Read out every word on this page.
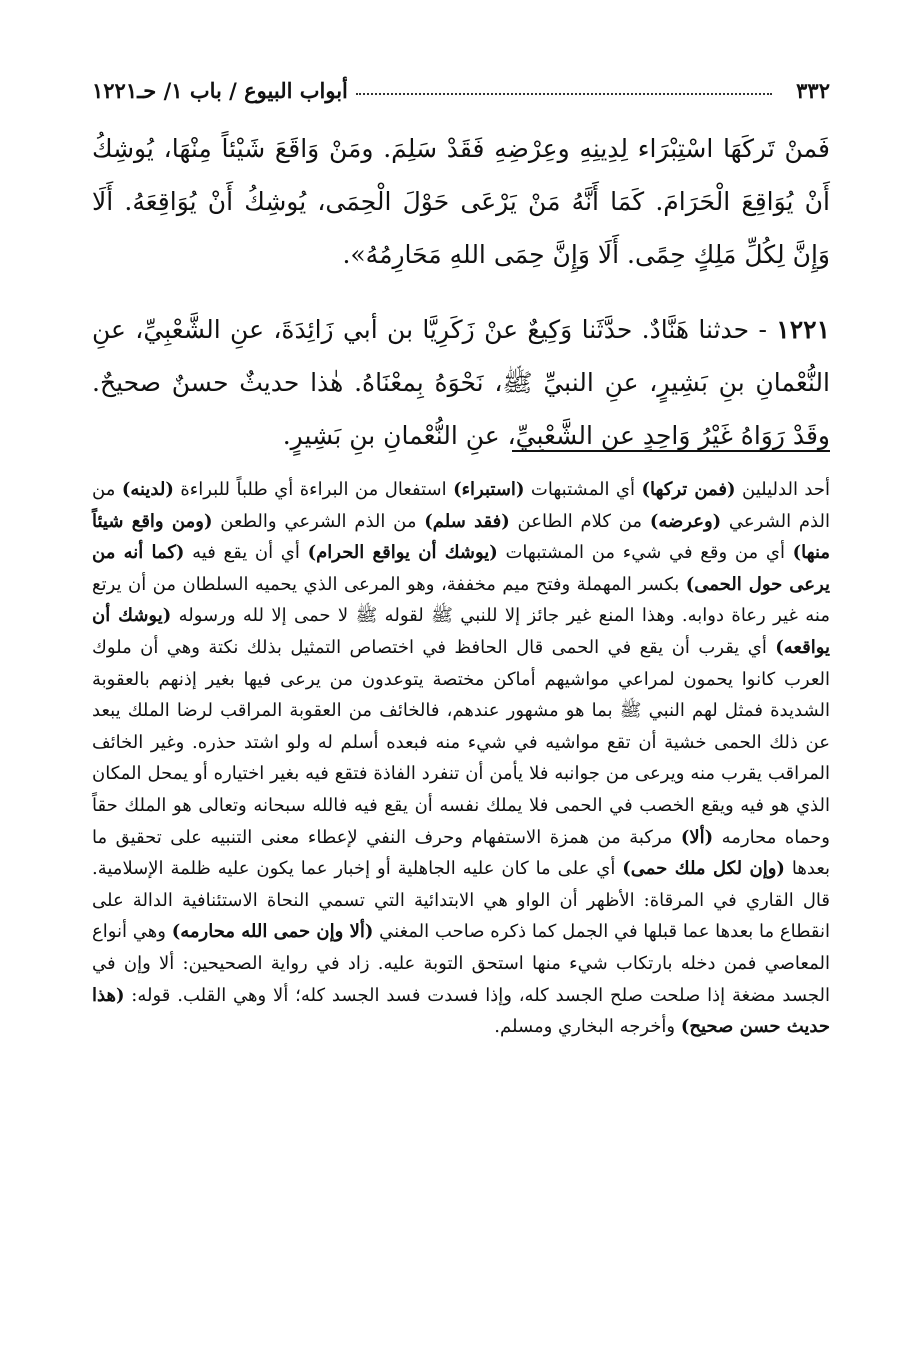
٣٣٢
أبواب البيوع / باب ١/ حـ١٢٢١

فَمنْ تَركَهَا اسْتِبْرَاء لِدِينِهِ وعِرْضِهِ فَقَدْ سَلِمَ. ومَنْ وَاقَعَ شَيْئاً مِنْهَا، يُوشِكُ أَنْ يُوَاقِعَ الْحَرَامَ. كَمَا أَنَّهُ مَنْ يَرْعَى حَوْلَ الْحِمَى، يُوشِكُ أَنْ يُوَاقِعَهُ. أَلَا وَإِنَّ لِكُلِّ مَلِكٍ حِمًى. أَلَا وَإِنَّ حِمَى اللهِ مَحَارِمُهُ».

١٢٢١ - حدثنا هَنَّادٌ. حدَّثَنا وَكِيعٌ عنْ زَكَرِيَّا بن أبي زَائِدَةَ، عنِ الشَّعْبِيِّ، عنِ النُّعْمانِ بنِ بَشِيرٍ، عنِ النبيِّ ﷺ، نَحْوَهُ بِمعْنَاهُ. هٰذا حديثٌ حسنٌ صحيحٌ. وقَدْ رَوَاهُ غَيْرُ وَاحِدٍ عن الشَّعْبِيِّ، عنِ النُّعْمانِ بنِ بَشِيرٍ.

أحد الدليلين (فمن تركها) أي المشتبهات (استبراء) استفعال من البراءة أي طلباً للبراءة (لدينه) من الذم الشرعي (وعرضه) من كلام الطاعن (فقد سلم) من الذم الشرعي والطعن (ومن واقع شيئاً منها) أي من وقع في شيء من المشتبهات (يوشك أن يواقع الحرام) أي أن يقع فيه (كما أنه من يرعى حول الحمى) بكسر المهملة وفتح ميم مخففة، وهو المرعى الذي يحميه السلطان من أن يرتع منه غير رعاة دوابه. وهذا المنع غير جائز إلا للنبي ﷺ لقوله ﷺ لا حمى إلا لله ورسوله (يوشك أن يواقعه) أي يقرب أن يقع في الحمى قال الحافظ في اختصاص التمثيل بذلك نكتة وهي أن ملوك العرب كانوا يحمون لمراعي مواشيهم أماكن مختصة يتوعدون من يرعى فيها بغير إذنهم بالعقوبة الشديدة فمثل لهم النبي ﷺ بما هو مشهور عندهم، فالخائف من العقوبة المراقب لرضا الملك يبعد عن ذلك الحمى خشية أن تقع مواشيه في شيء منه فبعده أسلم له ولو اشتد حذره. وغير الخائف المراقب يقرب منه ويرعى من جوانبه فلا يأمن أن تنفرد الفاذة فتقع فيه بغير اختياره أو يمحل المكان الذي هو فيه ويقع الخصب في الحمى فلا يملك نفسه أن يقع فيه فالله سبحانه وتعالى هو الملك حقاً وحماه محارمه (ألا) مركبة من همزة الاستفهام وحرف النفي لإعطاء معنى التنبيه على تحقيق ما بعدها (وإن لكل ملك حمى) أي على ما كان عليه الجاهلية أو إخبار عما يكون عليه ظلمة الإسلامية. قال القاري في المرقاة: الأظهر أن الواو هي الابتدائية التي تسمي النحاة الاستئنافية الدالة على انقطاع ما بعدها عما قبلها في الجمل كما ذكره صاحب المغني (ألا وإن حمى الله محارمه) وهي أنواع المعاصي فمن دخله بارتكاب شيء منها استحق التوبة عليه. زاد في رواية الصحيحين: ألا وإن في الجسد مضغة إذا صلحت صلح الجسد كله، وإذا فسدت فسد الجسد كله؛ ألا وهي القلب. قوله: (هذا حديث حسن صحيح) وأخرجه البخاري ومسلم.
